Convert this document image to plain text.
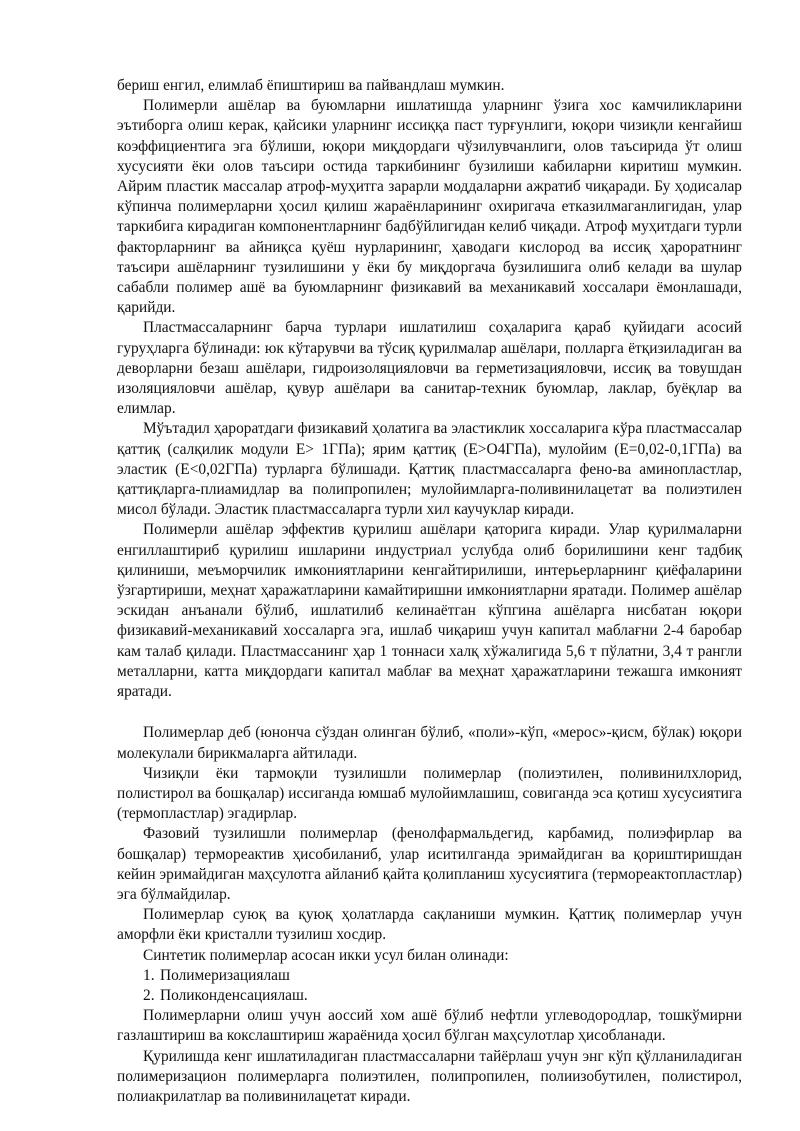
бериш енгил, елимлаб ёпиштириш ва пайвандлаш мумкин.

Полимерли ашёлар ва буюмларни ишлатишда уларнинг ўзига хос камчиликларини эътиборга олиш керак, қайсики уларнинг иссиққа паст турғунлиги, юқори чизиқли кенгайиш коэффициентига эга бўлиши, юқори миқдордаги чўзилувчанлиги, олов таъсирида ўт олиш хусусияти ёки олов таъсири остида таркибининг бузилиши кабиларни киритиш мумкин. Айрим пластик массалар атроф-муҳитга зарарли моддаларни ажратиб чиқаради. Бу ҳодисалар кўпинча полимерларни ҳосил қилиш жараёнларининг охиригача етказилмаганлигидан, улар таркибига кирадиган компонентларнинг бадбўйлигидан келиб чиқади. Атроф муҳитдаги турли факторларнинг ва айниқса қуёш нурларининг, ҳаводаги кислород ва иссиқ ҳароратнинг таъсири ашёларнинг тузилишини у ёки бу миқдоргача бузилишига олиб келади ва шулар сабабли полимер ашё ва буюмларнинг физикавий ва механикавий хоссалари ёмонлашади, қарийди.

Пластмассаларнинг барча турлари ишлатилиш соҳаларига қараб қуйидаги асосий гуруҳларга бўлинади: юк кўтарувчи ва тўсиқ қурилмалар ашёлари, полларга ётқизиладиган ва деворларни безаш ашёлари, гидроизоляцияловчи ва герметизацияловчи, иссиқ ва товушдан изоляцияловчи ашёлар, қувур ашёлари ва санитар-техник буюмлар, лаклар, буёқлар ва елимлар.

Мўътадил ҳароратдаги физикавий ҳолатига ва эластиклик хоссаларига кўра пластмассалар қаттиқ (салқилик модули Е> 1ГПа); ярим қаттиқ (Е>О4ГПа), мулойим (Е=0,02-0,1ГПа) ва эластик (Е<0,02ГПа) турларга бўлишади. Қаттиқ пластмассаларга фено-ва аминопластлар, қаттиқларга-плиамидлар ва полипропилен; мулойимларга-поливинилацетат ва полиэтилен мисол бўлади. Эластик пластмассаларга турли хил каучуклар киради.

Полимерли ашёлар эффектив қурилиш ашёлари қаторига киради. Улар қурилмаларни енгиллаштириб қурилиш ишларини индустриал услубда олиб борилишини кенг тадбиқ қилиниши, меъморчилик имкониятларини кенгайтирилиши, интерьерларнинг қиёфаларини ўзгартириши, меҳнат ҳаражатларини камайтиришни имкониятларни яратади. Полимер ашёлар эскидан анъанали бўлиб, ишлатилиб келинаётган кўпгина ашёларга нисбатан юқори физикавий-механикавий хоссаларга эга, ишлаб чиқариш учун капитал маблағни 2-4 баробар кам талаб қилади. Пластмассанинг ҳар 1 тоннаси халқ хўжалигида 5,6 т пўлатни, 3,4 т рангли металларни, катта миқдордаги капитал маблағ ва меҳнат ҳаражатларини тежашга имконият яратади.

Полимерлар деб (юнонча сўздан олинган бўлиб, «поли»-кўп, «мерос»-қисм, бўлак) юқори молекулали бирикмаларга айтилади.

Чизиқли ёки тармоқли тузилишли полимерлар (полиэтилен, поливинилхлорид, полистирол ва бошқалар) иссиганда юмшаб мулойимлашиш, совиганда эса қотиш хусусиятига (термопластлар) эгадирлар.

Фазовий тузилишли полимерлар (фенолфармальдегид, карбамид, полиэфирлар ва бошқалар) термореактив ҳисобиланиб, улар иситилганда эримайдиган ва қориштиришдан кейин эримайдиган маҳсулотга айланиб қайта қолипланиш хусусиятига (термореактопластлар) эга бўлмайдилар.

Полимерлар суюқ ва қуюқ ҳолатларда сақланиши мумкин. Қаттиқ полимерлар учун аморфли ёки кристалли тузилиш хосдир.

Синтетик полимерлар асосан икки усул билан олинади:

1. Полимеризациялаш
2. Поликонденсациялаш.

Полимерларни олиш учун аоссий хом ашё бўлиб нефтли углеводородлар, тошкўмирни газлаштириш ва кокслаштириш жараёнида ҳосил бўлган маҳсулотлар ҳисобланади.

Қурилишда кенг ишлатиладиган пластмассаларни тайёрлаш учун энг кўп қўлланиладиган полимеризацион полимерларга полиэтилен, полипропилен, полиизобутилен, полистирол, полиакрилатлар ва поливинилацетат киради.
